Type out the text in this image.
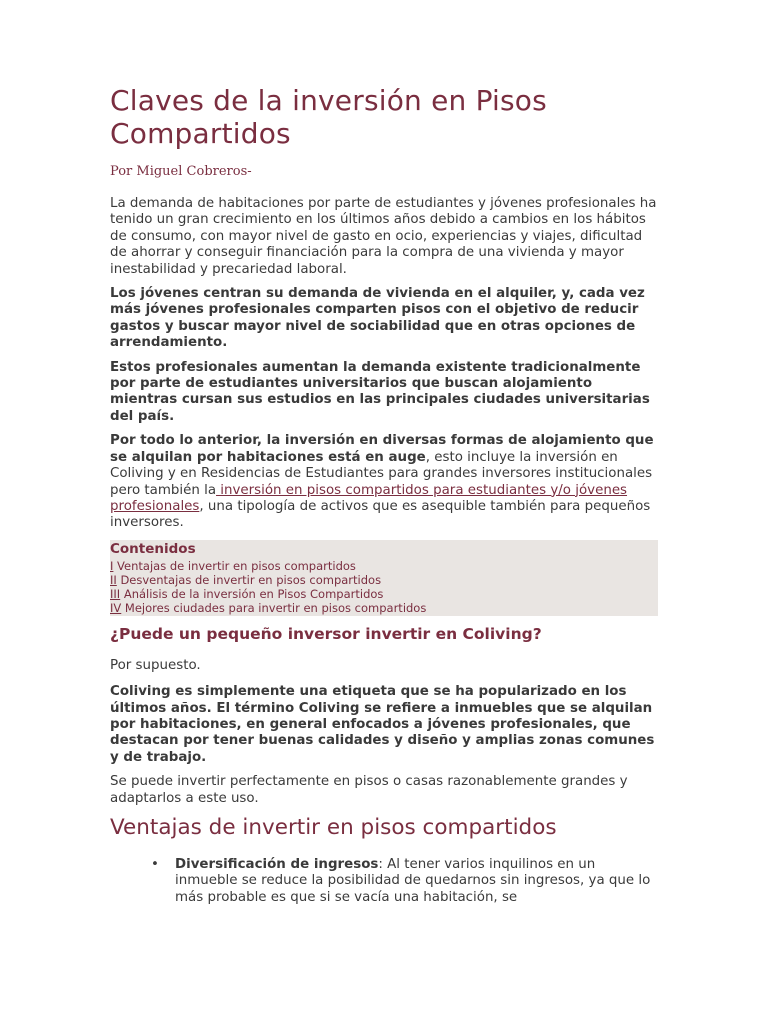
Claves de la inversión en Pisos Compartidos
Por Miguel Cobreros-

La demanda de habitaciones por parte de estudiantes y jóvenes profesionales ha tenido un gran crecimiento en los últimos años debido a cambios en los hábitos de consumo, con mayor nivel de gasto en ocio, experiencias y viajes, dificultad de ahorrar y conseguir financiación para la compra de una vivienda y mayor inestabilidad y precariedad laboral.

Los jóvenes centran su demanda de vivienda en el alquiler, y, cada vez más jóvenes profesionales comparten pisos con el objetivo de reducir gastos y buscar mayor nivel de sociabilidad que en otras opciones de arrendamiento.

Estos profesionales aumentan la demanda existente tradicionalmente por parte de estudiantes universitarios que buscan alojamiento mientras cursan sus estudios en las principales ciudades universitarias del país.

Por todo lo anterior, la inversión en diversas formas de alojamiento que se alquilan por habitaciones está en auge, esto incluye la inversión en Coliving y en Residencias de Estudiantes para grandes inversores institucionales pero también la inversión en pisos compartidos para estudiantes y/o jóvenes profesionales, una tipología de activos que es asequible también para pequeños inversores.

Contenidos
I Ventajas de invertir en pisos compartidos
II Desventajas de invertir en pisos compartidos
III Análisis de la inversión en Pisos Compartidos
IV Mejores ciudades para invertir en pisos compartidos
¿Puede un pequeño inversor invertir en Coliving?

Por supuesto.

Coliving es simplemente una etiqueta que se ha popularizado en los últimos años. El término Coliving se refiere a inmuebles que se alquilan por habitaciones, en general enfocados a jóvenes profesionales, que destacan por tener buenas calidades y diseño y amplias zonas comunes y de trabajo.

Se puede invertir perfectamente en pisos o casas razonablemente grandes y adaptarlos a este uso.

Ventajas de invertir en pisos compartidos
• Diversificación de ingresos: Al tener varios inquilinos en un inmueble se reduce la posibilidad de quedarnos sin ingresos, ya que lo más probable es que si se vacía una habitación, se
